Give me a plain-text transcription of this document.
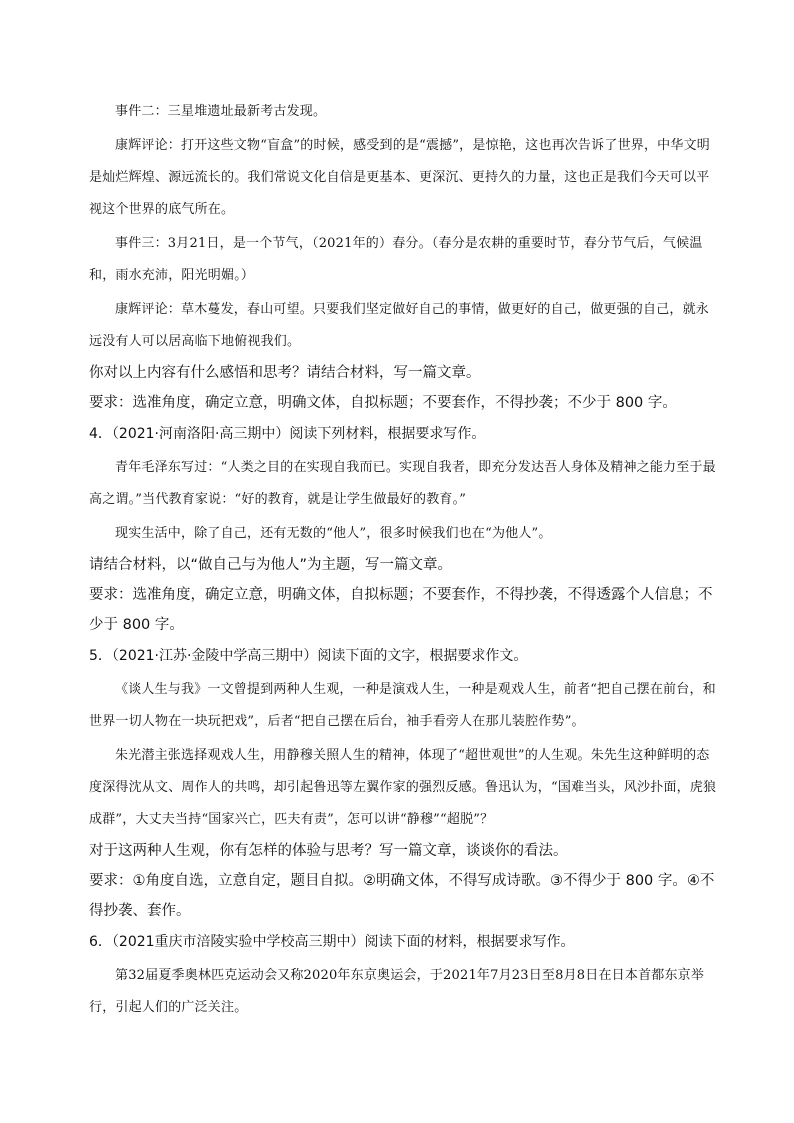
事件二：三星堆遗址最新考古发现。

康辉评论：打开这些文物“盲盒”的时候，感受到的是“震撼”，是惊艳，这也再次告诉了世界，中华文明是灿烂辉煌、源远流长的。我们常说文化自信是更基本、更深沉、更持久的力量，这也正是我们今天可以平视这个世界的底气所在。

事件三：3月21日，是一个节气，（2021年的）春分。（春分是农耕的重要时节，春分节气后，气候温和，雨水充沛，阳光明媚。）

康辉评论：草木蔓发，春山可望。只要我们坚定做好自己的事情，做更好的自己，做更强的自己，就永远没有人可以居高临下地俯视我们。

你对以上内容有什么感悟和思考？请结合材料，写一篇文章。

要求：选准角度，确定立意，明确文体，自拟标题；不要套作，不得抄袭；不少于 800 字。

4．（2021·河南洛阳·高三期中）阅读下列材料，根据要求写作。

青年毛泽东写过：“人类之目的在实现自我而已。实现自我者，即充分发达吾人身体及精神之能力至于最高之谓。”当代教育家说：“好的教育，就是让学生做最好的教育。”

现实生活中，除了自己，还有无数的“他人”，很多时候我们也在“为他人”。

请结合材料，以“做自己与为他人”为主题，写一篇文章。

要求：选准角度，确定立意，明确文体，自拟标题；不要套作，不得抄袭，不得透露个人信息；不少于 800 字。

5．（2021·江苏·金陵中学高三期中）阅读下面的文字，根据要求作文。

《谈人生与我》一文曾提到两种人生观，一种是演戏人生，一种是观戏人生，前者“把自己摆在前台，和世界一切人物在一块玩把戏”，后者“把自己摆在后台，袖手看旁人在那儿装腔作势”。

朱光潜主张选择观戏人生，用静穆关照人生的精神，体现了“超世观世”的人生观。朱先生这种鲜明的态度深得沈从文、周作人的共鸣，却引起鲁迅等左翼作家的强烈反感。鲁迅认为，“国难当头，风沙扑面，虎狼成群”，大丈夫当持“国家兴亡，匹夫有责”，怎可以讲“静穆”“超脱”？

对于这两种人生观，你有怎样的体验与思考？写一篇文章，谈谈你的看法。

要求：①角度自选，立意自定，题目自拟。②明确文体，不得写成诗歌。③不得少于 800 字。④不得抄袭、套作。

6．（2021重庆市涪陵实验中学校高三期中）阅读下面的材料，根据要求写作。

第32届夏季奥林匹克运动会又称2020年东京奥运会，于2021年7月23日至8月8日在日本首都东京举行，引起人们的广泛关注。
